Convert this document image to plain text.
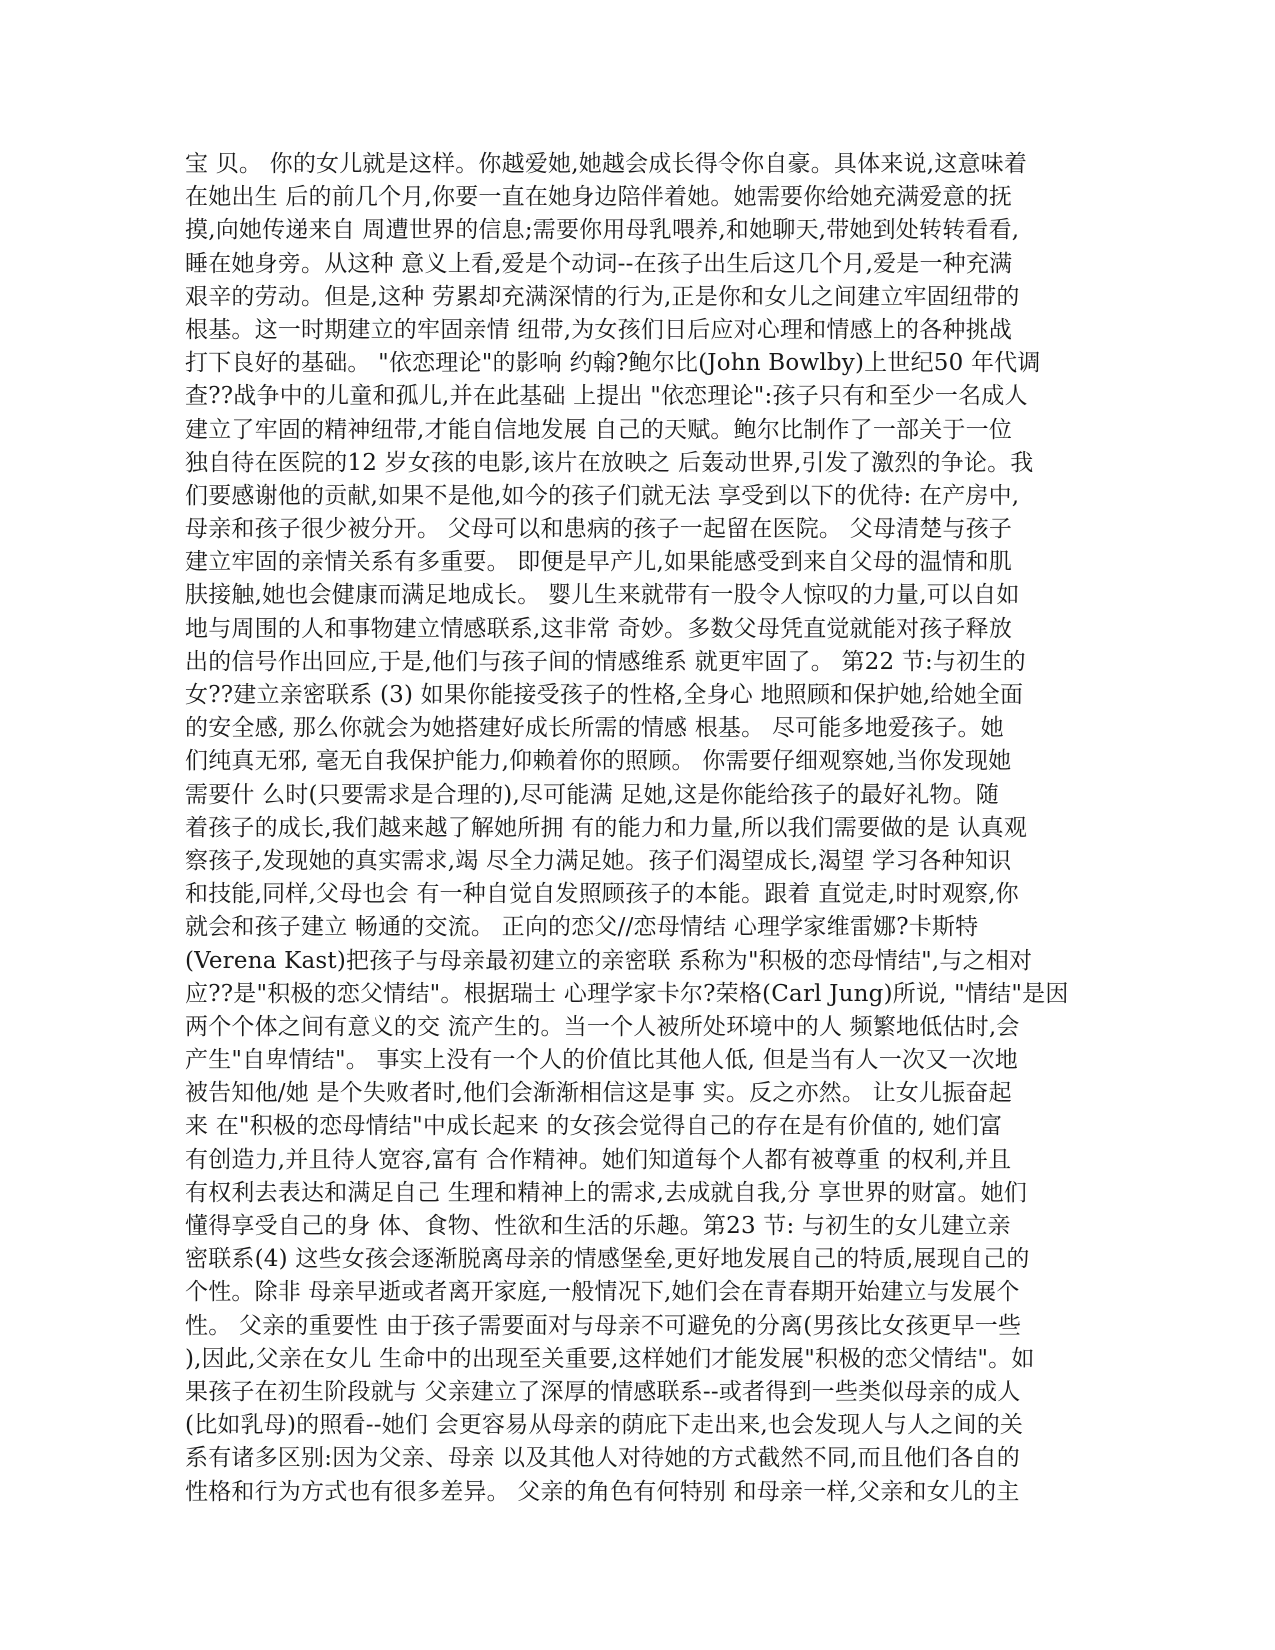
宝 贝。 你的女儿就是这样。你越爱她,她越会成长得令你自豪。具体来说,这意味着
在她出生 后的前几个月,你要一直在她身边陪伴着她。她需要你给她充满爱意的抚
摸,向她传递来自 周遭世界的信息;需要你用母乳喂养,和她聊天,带她到处转转看看,
睡在她身旁。从这种 意义上看,爱是个动词--在孩子出生后这几个月,爱是一种充满
艰辛的劳动。但是,这种 劳累却充满深情的行为,正是你和女儿之间建立牢固纽带的
根基。这一时期建立的牢固亲情 纽带,为女孩们日后应对心理和情感上的各种挑战
打下良好的基础。 "依恋理论"的影响 约翰?鲍尔比(John Bowlby)上世纪50 年代调
查??战争中的儿童和孤儿,并在此基础 上提出 "依恋理论":孩子只有和至少一名成人
建立了牢固的精神纽带,才能自信地发展 自己的天赋。鲍尔比制作了一部关于一位
独自待在医院的12 岁女孩的电影,该片在放映之 后轰动世界,引发了激烈的争论。我
们要感谢他的贡献,如果不是他,如今的孩子们就无法 享受到以下的优待: 在产房中,
母亲和孩子很少被分开。 父母可以和患病的孩子一起留在医院。 父母清楚与孩子
建立牢固的亲情关系有多重要。 即便是早产儿,如果能感受到来自父母的温情和肌
肤接触,她也会健康而满足地成长。 婴儿生来就带有一股令人惊叹的力量,可以自如
地与周围的人和事物建立情感联系,这非常 奇妙。多数父母凭直觉就能对孩子释放
出的信号作出回应,于是,他们与孩子间的情感维系 就更牢固了。 第22 节:与初生的
女??建立亲密联系 (3) 如果你能接受孩子的性格,全身心 地照顾和保护她,给她全面
的安全感, 那么你就会为她搭建好成长所需的情感 根基。 尽可能多地爱孩子。她
们纯真无邪, 毫无自我保护能力,仰赖着你的照顾。 你需要仔细观察她,当你发现她
需要什 么时(只要需求是合理的),尽可能满 足她,这是你能给孩子的最好礼物。随
着孩子的成长,我们越来越了解她所拥 有的能力和力量,所以我们需要做的是 认真观
察孩子,发现她的真实需求,竭 尽全力满足她。孩子们渴望成长,渴望 学习各种知识
和技能,同样,父母也会 有一种自觉自发照顾孩子的本能。跟着 直觉走,时时观察,你
就会和孩子建立 畅通的交流。 正向的恋父//恋母情结 心理学家维雷娜?卡斯特
(Verena Kast)把孩子与母亲最初建立的亲密联 系称为"积极的恋母情结",与之相对
应??是"积极的恋父情结"。根据瑞士 心理学家卡尔?荣格(Carl Jung)所说, "情结"是因
两个个体之间有意义的交 流产生的。当一个人被所处环境中的人 频繁地低估时,会
产生"自卑情结"。 事实上没有一个人的价值比其他人低, 但是当有人一次又一次地
被告知他/她 是个失败者时,他们会渐渐相信这是事 实。反之亦然。 让女儿振奋起
来 在"积极的恋母情结"中成长起来 的女孩会觉得自己的存在是有价值的, 她们富
有创造力,并且待人宽容,富有 合作精神。她们知道每个人都有被尊重 的权利,并且
有权利去表达和满足自己 生理和精神上的需求,去成就自我,分 享世界的财富。她们
懂得享受自己的身 体、食物、性欲和生活的乐趣。第23 节: 与初生的女儿建立亲
密联系(4) 这些女孩会逐渐脱离母亲的情感堡垒,更好地发展自己的特质,展现自己的
个性。除非 母亲早逝或者离开家庭,一般情况下,她们会在青春期开始建立与发展个
性。 父亲的重要性 由于孩子需要面对与母亲不可避免的分离(男孩比女孩更早一些
),因此,父亲在女儿 生命中的出现至关重要,这样她们才能发展"积极的恋父情结"。如
果孩子在初生阶段就与 父亲建立了深厚的情感联系--或者得到一些类似母亲的成人
(比如乳母)的照看--她们 会更容易从母亲的荫庇下走出来,也会发现人与人之间的关
系有诸多区别:因为父亲、母亲 以及其他人对待她的方式截然不同,而且他们各自的
性格和行为方式也有很多差异。 父亲的角色有何特别 和母亲一样,父亲和女儿的主
